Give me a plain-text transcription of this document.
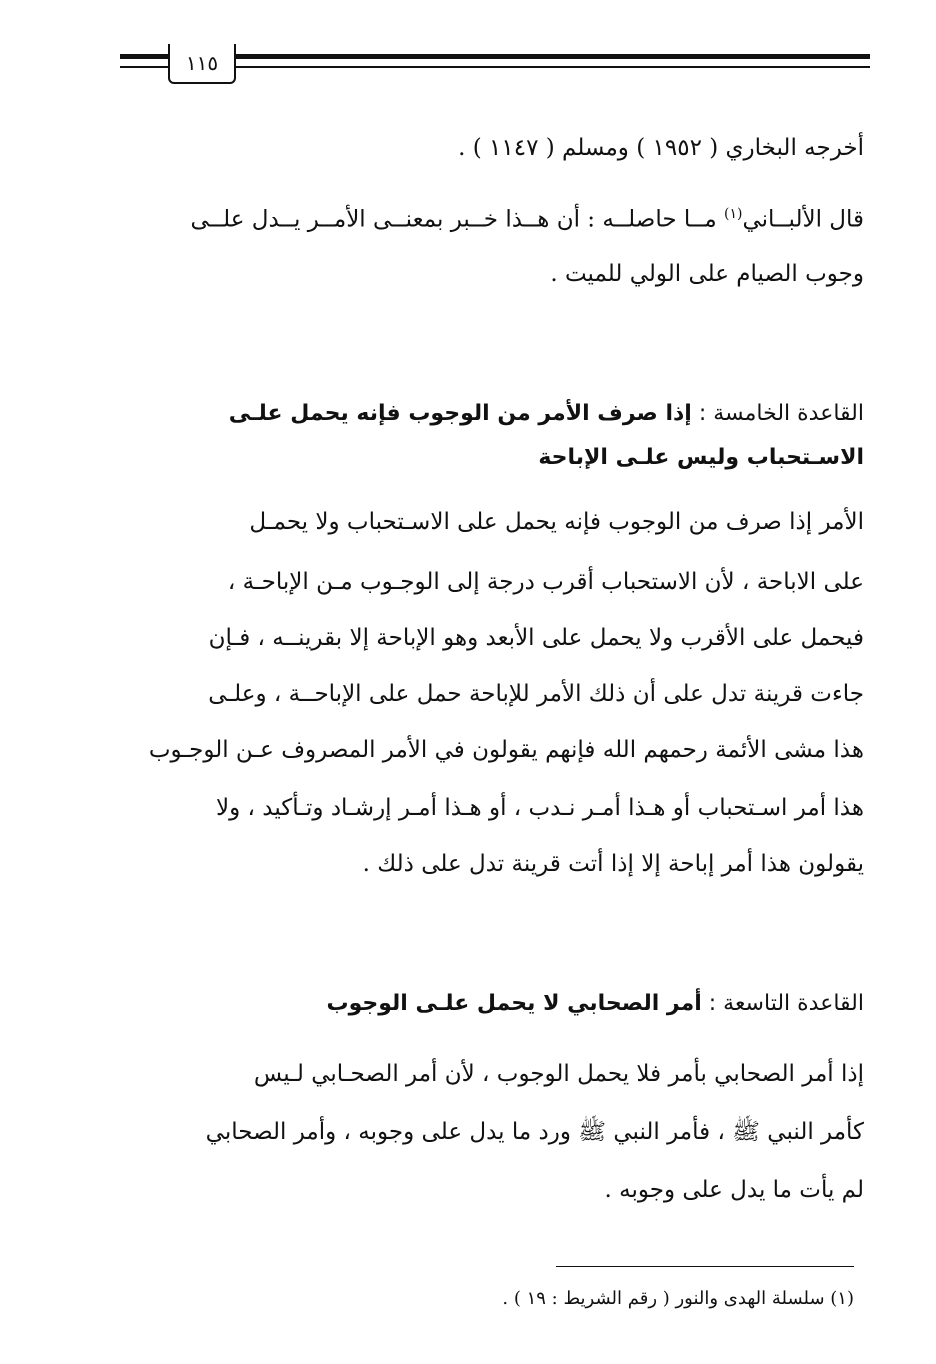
١١٥
أخرجه البخاري ( ١٩٥٢ ) ومسلم ( ١١٤٧ ) .
قال الألبــاني$^{(١)}$ مــا حاصلــه : أن هــذا خــبر بمعنــى الأمــر يــدل علــى
وجوب الصيام على الولي للميت .
القاعدة الخامسة : إذا صرف الأمر من الوجوب فإنه يحمل علـى
الاسـتحباب وليس علـى الإباحة
الأمر إذا صرف من الوجوب فإنه يحمل على الاسـتحباب ولا يحمـل
على الاباحة ، لأن الاستحباب أقرب درجة إلى الوجـوب مـن الإباحـة ،
فيحمل على الأقرب ولا يحمل على الأبعد وهو الإباحة إلا بقرينــه ، فـإن
جاءت قرينة تدل على أن ذلك الأمر للإباحة حمل على الإباحــة ، وعلـى
هذا مشى الأئمة رحمهم الله فإنهم يقولون في الأمر المصروف عـن الوجـوب
هذا أمر اسـتحباب أو هـذا أمـر نـدب ، أو هـذا أمـر إرشـاد وتـأكيد ، ولا
يقولون هذا أمر إباحة إلا إذا أتت قرينة تدل على ذلك .
القاعدة التاسعة : أمر الصحابي لا يحمل علـى الوجوب
إذا أمر الصحابي بأمر فلا يحمل الوجوب ، لأن أمر الصحـابي لـيس
كأمر النبي ﷺ ، فأمر النبي ﷺ ورد ما يدل على وجوبه ، وأمر الصحابي
لم يأت ما يدل على وجوبه .
(١) سلسلة الهدى والنور ( رقم الشريط : ١٩ ) .
